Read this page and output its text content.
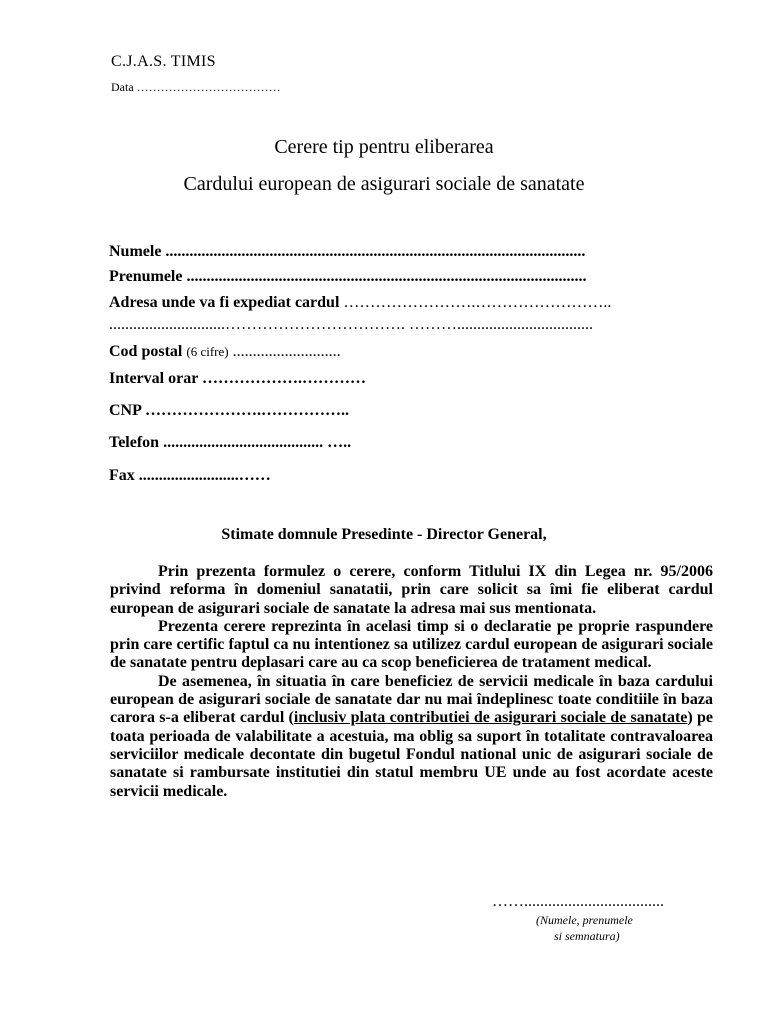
C.J.A.S. TIMIS
Data ………………………………
Cerere tip pentru eliberarea
Cardului european de asigurari sociale de sanatate
Numele .........................................................................................................
Prenumele ....................................................................................................
Adresa unde va fi expediat cardul …………………….……………………..
.............................……………………………. ………..................................
Cod postal (6 cifre) ...........................
Interval orar ……………….…………
CNP ………………….……………..
Telefon ........................................ …..
Fax .........................……
Stimate domnule Presedinte - Director General,

Prin prezenta formulez o cerere, conform Titlului IX din Legea nr. 95/2006 privind reforma în domeniul sanatatii, prin care solicit sa îmi fie eliberat cardul european de asigurari sociale de sanatate la adresa mai sus mentionata.

Prezenta cerere reprezinta în acelasi timp si o declaratie pe proprie raspundere prin care certific faptul ca nu intentionez sa utilizez cardul european de asigurari sociale de sanatate pentru deplasari care au ca scop beneficierea de tratament medical.

De asemenea, în situatia în care beneficiez de servicii medicale în baza cardului european de asigurari sociale de sanatate dar nu mai îndeplinesc toate conditiile în baza carora s-a eliberat cardul (inclusiv plata contributiei de asigurari sociale de sanatate) pe toata perioada de valabilitate a acestuia, ma oblig sa suport în totalitate contravaloarea serviciilor medicale decontate din bugetul Fondul national unic de asigurari sociale de sanatate si rambursate institutiei din statul membru UE unde au fost acordate aceste servicii medicale.

……...................................
(Numele, prenumele
si semnatura)
